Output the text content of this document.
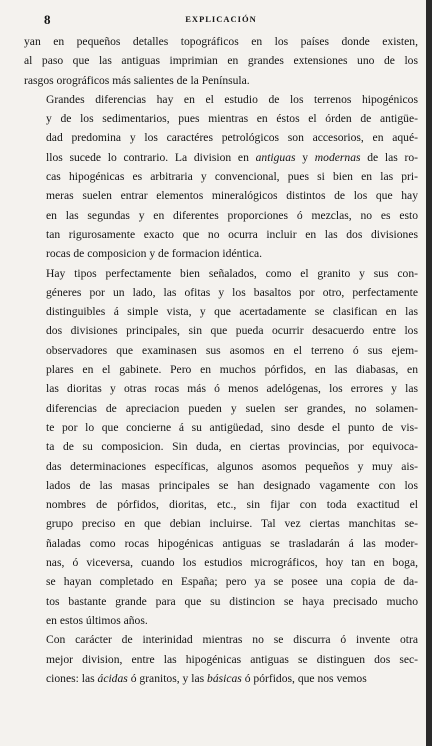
8	EXPLICACIÓN

yan en pequeños detalles topográficos en los países donde existen,
al paso que las antiguas imprimian en grandes extensiones uno de los
rasgos orográficos más salientes de la Península.

Grandes diferencias hay en el estudio de los terrenos hipogénicos
y de los sedimentarios, pues mientras en éstos el órden de antigüe-
dad predomina y los caractéres petrológicos son accesorios, en aqué-
llos sucede lo contrario. La division en antiguas y modernas de las ro-
cas hipogénicas es arbitraria y convencional, pues si bien en las pri-
meras suelen entrar elementos mineralógicos distintos de los que hay
en las segundas y en diferentes proporciones ó mezclas, no es esto
tan rigurosamente exacto que no ocurra incluir en las dos divisiones
rocas de composicion y de formacion idéntica.

Hay tipos perfectamente bien señalados, como el granito y sus con-
géneres por un lado, las ofitas y los basaltos por otro, perfectamente
distinguibles á simple vista, y que acertadamente se clasifican en las
dos divisiones principales, sin que pueda ocurrir desacuerdo entre los
observadores que examinasen sus asomos en el terreno ó sus ejem-
plares en el gabinete. Pero en muchos pórfidos, en las diabasas, en
las dioritas y otras rocas más ó menos adelógenas, los errores y las
diferencias de apreciacion pueden y suelen ser grandes, no solamen-
te por lo que concierne á su antigüedad, sino desde el punto de vis-
ta de su composicion. Sin duda, en ciertas provincias, por equivoca-
das determinaciones específicas, algunos asomos pequeños y muy ais-
lados de las masas principales se han designado vagamente con los
nombres de pórfidos, dioritas, etc., sin fijar con toda exactitud el
grupo preciso en que debian incluirse. Tal vez ciertas manchitas se-
ñaladas como rocas hipogénicas antiguas se trasladarán á las moder-
nas, ó viceversa, cuando los estudios micrográficos, hoy tan en boga,
se hayan completado en España; pero ya se posee una copia de da-
tos bastante grande para que su distincion se haya precisado mucho
en estos últimos años.

Con carácter de interinidad mientras no se discurra ó invente otra
mejor division, entre las hipogénicas antiguas se distinguen dos sec-
ciones: las ácidas ó granitos, y las básicas ó pórfidos, que nos vemos
